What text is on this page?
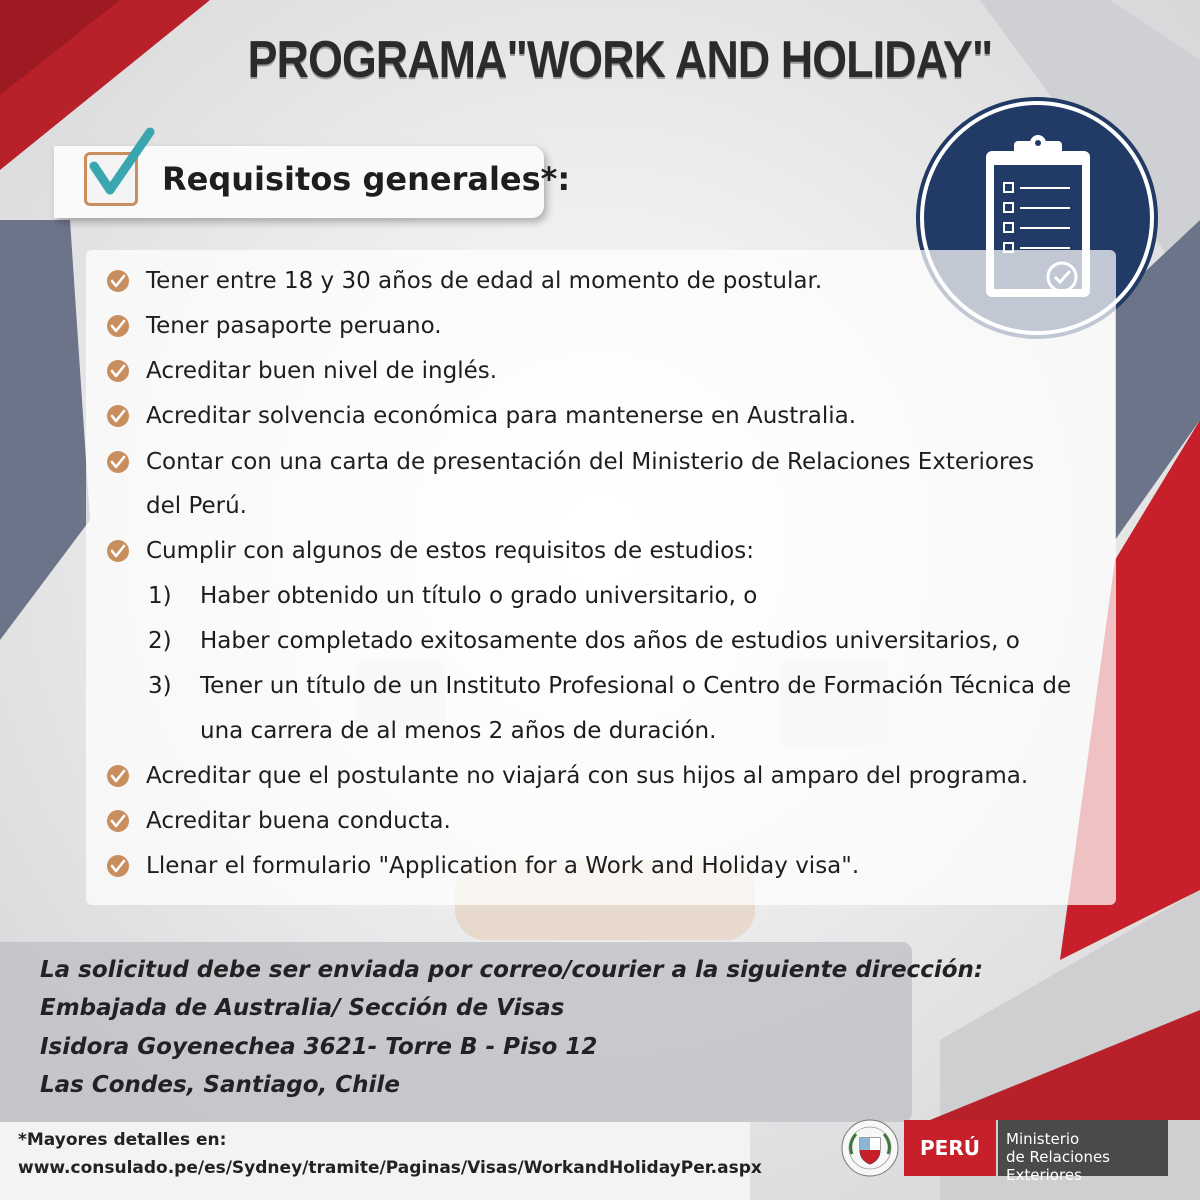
PROGRAMA"WORK AND HOLIDAY"
Requisitos generales*:
Tener entre 18 y 30 años de edad al momento de postular.
Tener pasaporte peruano.
Acreditar buen nivel de inglés.
Acreditar solvencia económica para mantenerse en Australia.
Contar con una carta de presentación del Ministerio de Relaciones Exteriores
del Perú.
Cumplir con algunos de estos requisitos de estudios:
1) Haber obtenido un título o grado universitario, o
2) Haber completado exitosamente dos años de estudios universitarios, o
3) Tener un título de un Instituto Profesional o Centro de Formación Técnica de
una carrera de al menos 2 años de duración.
Acreditar que el postulante no viajará con sus hijos al amparo del programa.
Acreditar buena conducta.
Llenar el formulario "Application for a Work and Holiday visa".
La solicitud debe ser enviada por correo/courier a la siguiente dirección:
Embajada de Australia/ Sección de Visas
Isidora Goyenechea 3621- Torre B - Piso 12
Las Condes, Santiago, Chile
*Mayores detalles en:
www.consulado.pe/es/Sydney/tramite/Paginas/Visas/WorkandHolidayPer.aspx
PERÚ	Ministerio
de Relaciones Exteriores
